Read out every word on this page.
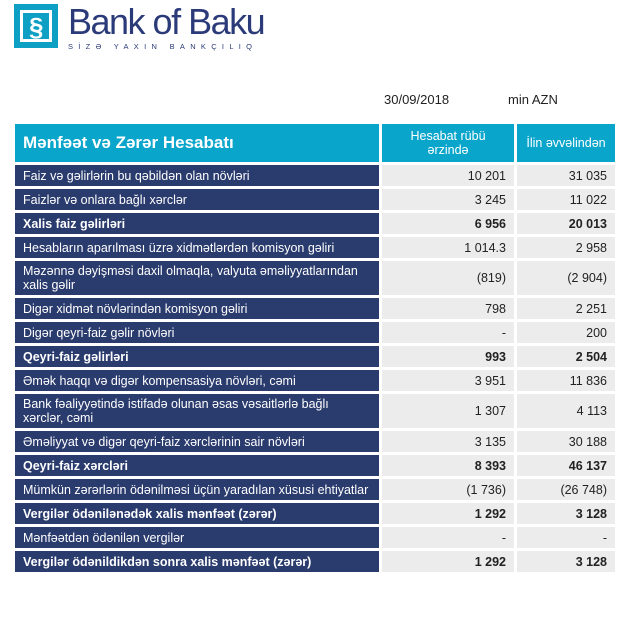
§ Bank of Baku
SİZƏ YAXIN BANKÇILIQ
30/09/2018	min AZN
Mənfəət və Zərər Hesabatı	Hesabat rübü ərzində	İlin əvvəlindən
Faiz və gəlirlərin bu qəbildən olan növləri	10 201	31 035
Faizlər və onlara bağlı xərclər	3 245	11 022
Xalis faiz gəlirləri	6 956	20 013
Hesabların aparılması üzrə xidmətlərdən komisyon gəliri	1 014.3	2 958
Məzənnə dəyişməsi daxil olmaqla, valyuta əməliyyatlarından xalis gəlir	(819)	(2 904)
Digər xidmət növlərindən komisyon gəliri	798	2 251
Digər qeyri-faiz gəlir növləri	-	200
Qeyri-faiz gəlirləri	993	2 504
Əmək haqqı və digər kompensasiya növləri, cəmi	3 951	11 836
Bank fəaliyyətində istifadə olunan əsas vəsaitlərlə bağlı xərclər, cəmi	1 307	4 113
Əməliyyat və digər qeyri-faiz xərclərinin sair növləri	3 135	30 188
Qeyri-faiz xərcləri	8 393	46 137
Mümkün zərərlərin ödənilməsi üçün yaradılan xüsusi ehtiyatlar	(1 736)	(26 748)
Vergilər ödənilənədək xalis mənfəət (zərər)	1 292	3 128
Mənfəətdən ödənilən vergilər	-	-
Vergilər ödənildikdən sonra xalis mənfəət (zərər)	1 292	3 128
